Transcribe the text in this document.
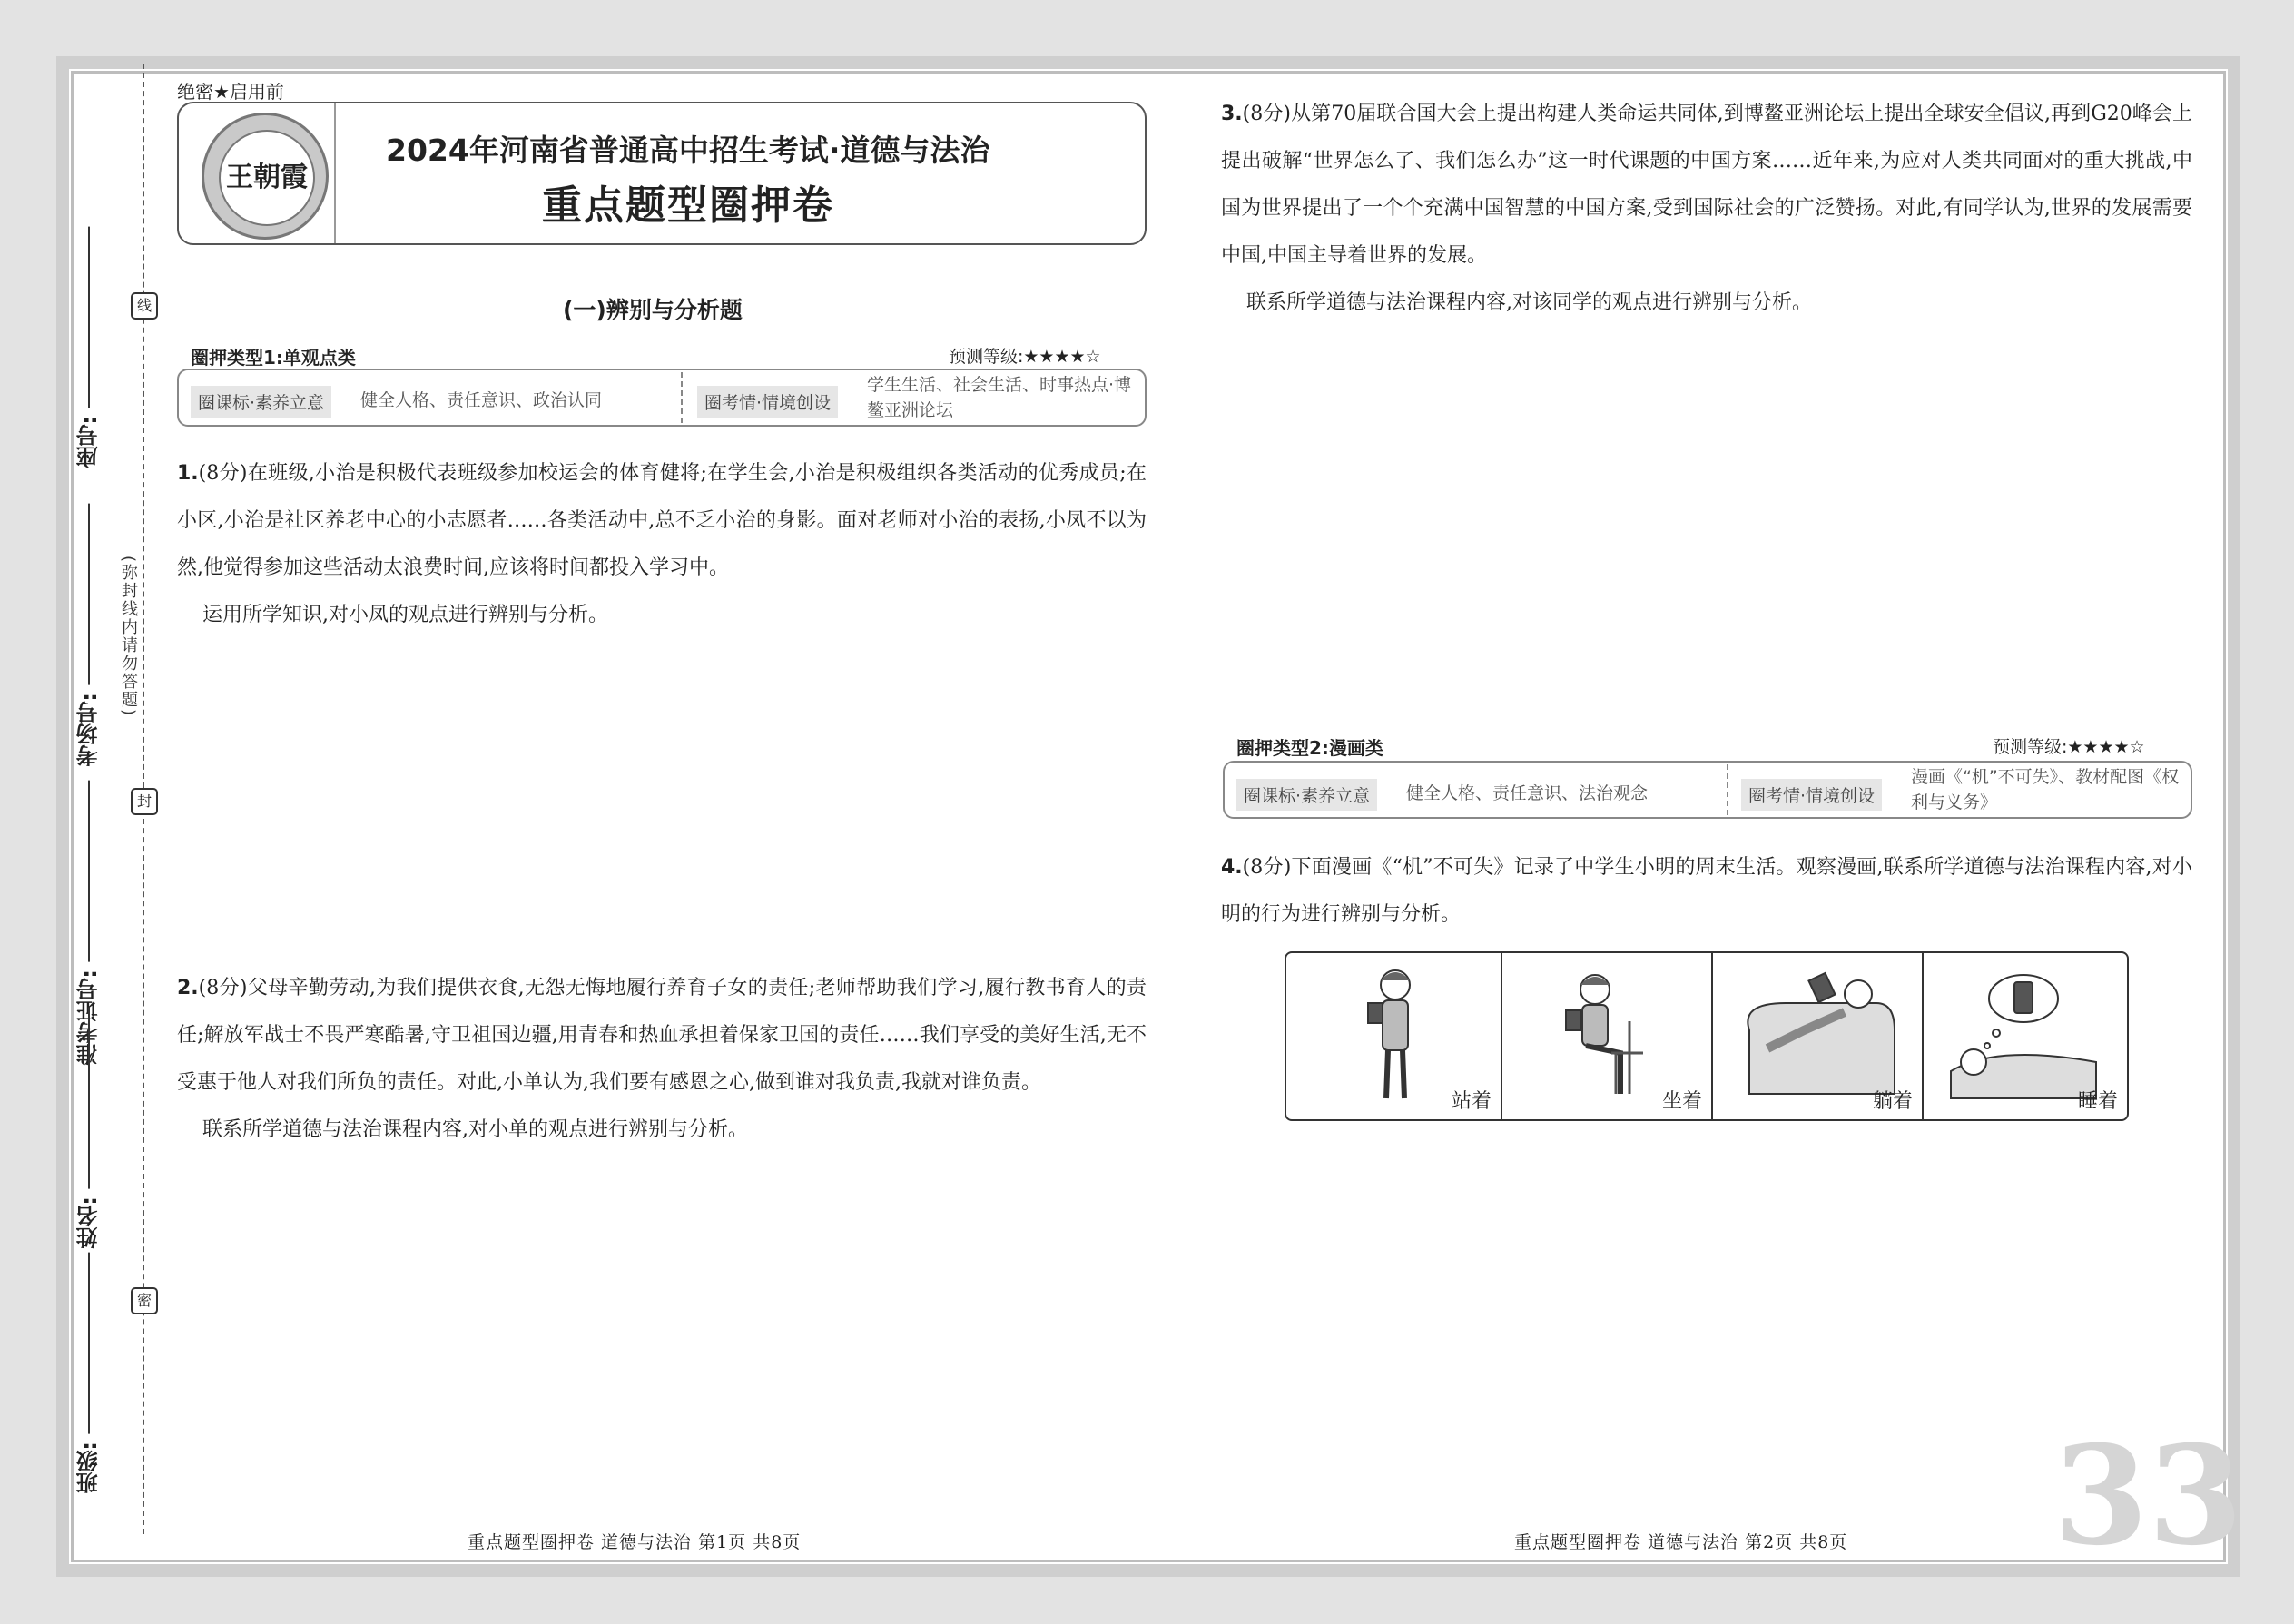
座号:
考场号:
准考证号:
姓名:
班级:
线
封
密
(弥封线内请勿答题)
绝密★启用前
王朝霞
2024年河南省普通高中招生考试·道德与法治
重点题型圈押卷
(一)辨别与分析题
圈押类型1:单观点类	预测等级:★★★★☆
圈课标·素养立意	健全人格、责任意识、政治认同	圈考情·情境创设
学生生活、社会生活、时事热点·博鳌亚洲论坛
1.(8分)在班级,小治是积极代表班级参加校运会的体育健将;在学生会,小治是积极组织各类活动的优秀成员;在小区,小治是社区养老中心的小志愿者……各类活动中,总不乏小治的身影。面对老师对小治的表扬,小凤不以为然,他觉得参加这些活动太浪费时间,应该将时间都投入学习中。
运用所学知识,对小凤的观点进行辨别与分析。
2.(8分)父母辛勤劳动,为我们提供衣食,无怨无悔地履行养育子女的责任;老师帮助我们学习,履行教书育人的责任;解放军战士不畏严寒酷暑,守卫祖国边疆,用青春和热血承担着保家卫国的责任……我们享受的美好生活,无不受惠于他人对我们所负的责任。对此,小单认为,我们要有感恩之心,做到谁对我负责,我就对谁负责。
联系所学道德与法治课程内容,对小单的观点进行辨别与分析。
3.(8分)从第70届联合国大会上提出构建人类命运共同体,到博鳌亚洲论坛上提出全球安全倡议,再到G20峰会上提出破解“世界怎么了、我们怎么办”这一时代课题的中国方案……近年来,为应对人类共同面对的重大挑战,中国为世界提出了一个个充满中国智慧的中国方案,受到国际社会的广泛赞扬。对此,有同学认为,世界的发展需要中国,中国主导着世界的发展。
联系所学道德与法治课程内容,对该同学的观点进行辨别与分析。
圈押类型2:漫画类	预测等级:★★★★☆
圈课标·素养立意	健全人格、责任意识、法治观念	圈考情·情境创设
漫画《“机”不可失》、教材配图《权利与义务》
4.(8分)下面漫画《“机”不可失》记录了中学生小明的周末生活。观察漫画,联系所学道德与法治课程内容,对小明的行为进行辨别与分析。
站着	坐着	躺着	睡着
重点题型圈押卷 道德与法治 第1页 共8页	重点题型圈押卷 道德与法治 第2页 共8页 33
